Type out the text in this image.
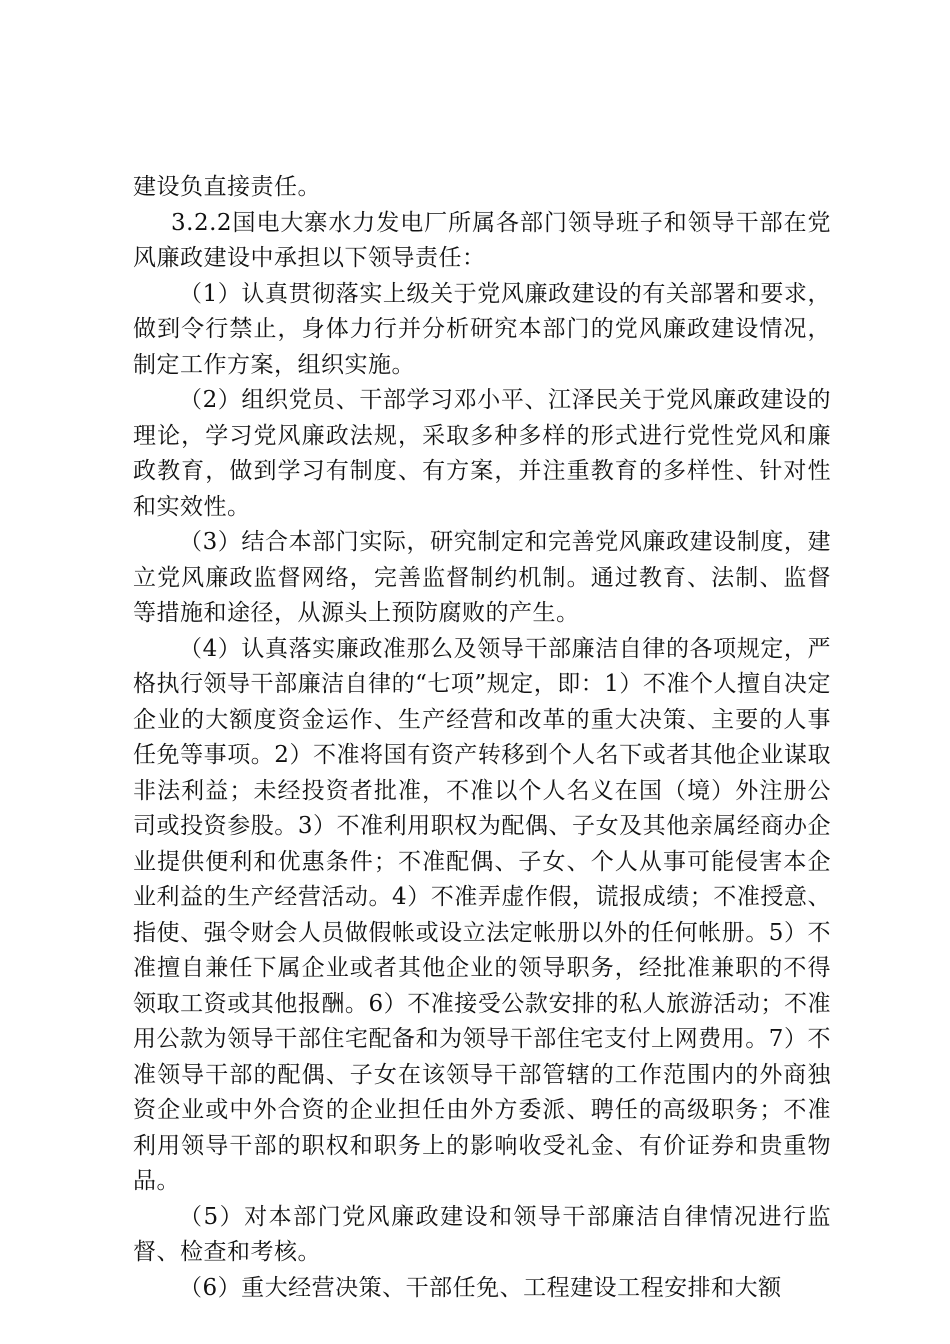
建设负直接责任。

3.2.2国电大寨水力发电厂所属各部门领导班子和领导干部在党风廉政建设中承担以下领导责任：

（1）认真贯彻落实上级关于党风廉政建设的有关部署和要求，做到令行禁止，身体力行并分析研究本部门的党风廉政建设情况，制定工作方案，组织实施。

（2）组织党员、干部学习邓小平、江泽民关于党风廉政建设的理论，学习党风廉政法规，采取多种多样的形式进行党性党风和廉政教育，做到学习有制度、有方案，并注重教育的多样性、针对性和实效性。

（3）结合本部门实际，研究制定和完善党风廉政建设制度，建立党风廉政监督网络，完善监督制约机制。通过教育、法制、监督等措施和途径，从源头上预防腐败的产生。

（4）认真落实廉政准那么及领导干部廉洁自律的各项规定，严格执行领导干部廉洁自律的“七项”规定，即：1）不准个人擅自决定企业的大额度资金运作、生产经营和改革的重大决策、主要的人事任免等事项。2）不准将国有资产转移到个人名下或者其他企业谋取非法利益；未经投资者批准，不准以个人名义在国（境）外注册公司或投资参股。3）不准利用职权为配偶、子女及其他亲属经商办企业提供便利和优惠条件；不准配偶、子女、个人从事可能侵害本企业利益的生产经营活动。4）不准弄虚作假，谎报成绩；不准授意、指使、强令财会人员做假帐或设立法定帐册以外的任何帐册。5）不准擅自兼任下属企业或者其他企业的领导职务，经批准兼职的不得领取工资或其他报酬。6）不准接受公款安排的私人旅游活动；不准用公款为领导干部住宅配备和为领导干部住宅支付上网费用。7）不准领导干部的配偶、子女在该领导干部管辖的工作范围内的外商独资企业或中外合资的企业担任由外方委派、聘任的高级职务；不准利用领导干部的职权和职务上的影响收受礼金、有价证券和贵重物品。

（5）对本部门党风廉政建设和领导干部廉洁自律情况进行监督、检查和考核。

（6）重大经营决策、干部任免、工程建设工程安排和大额
